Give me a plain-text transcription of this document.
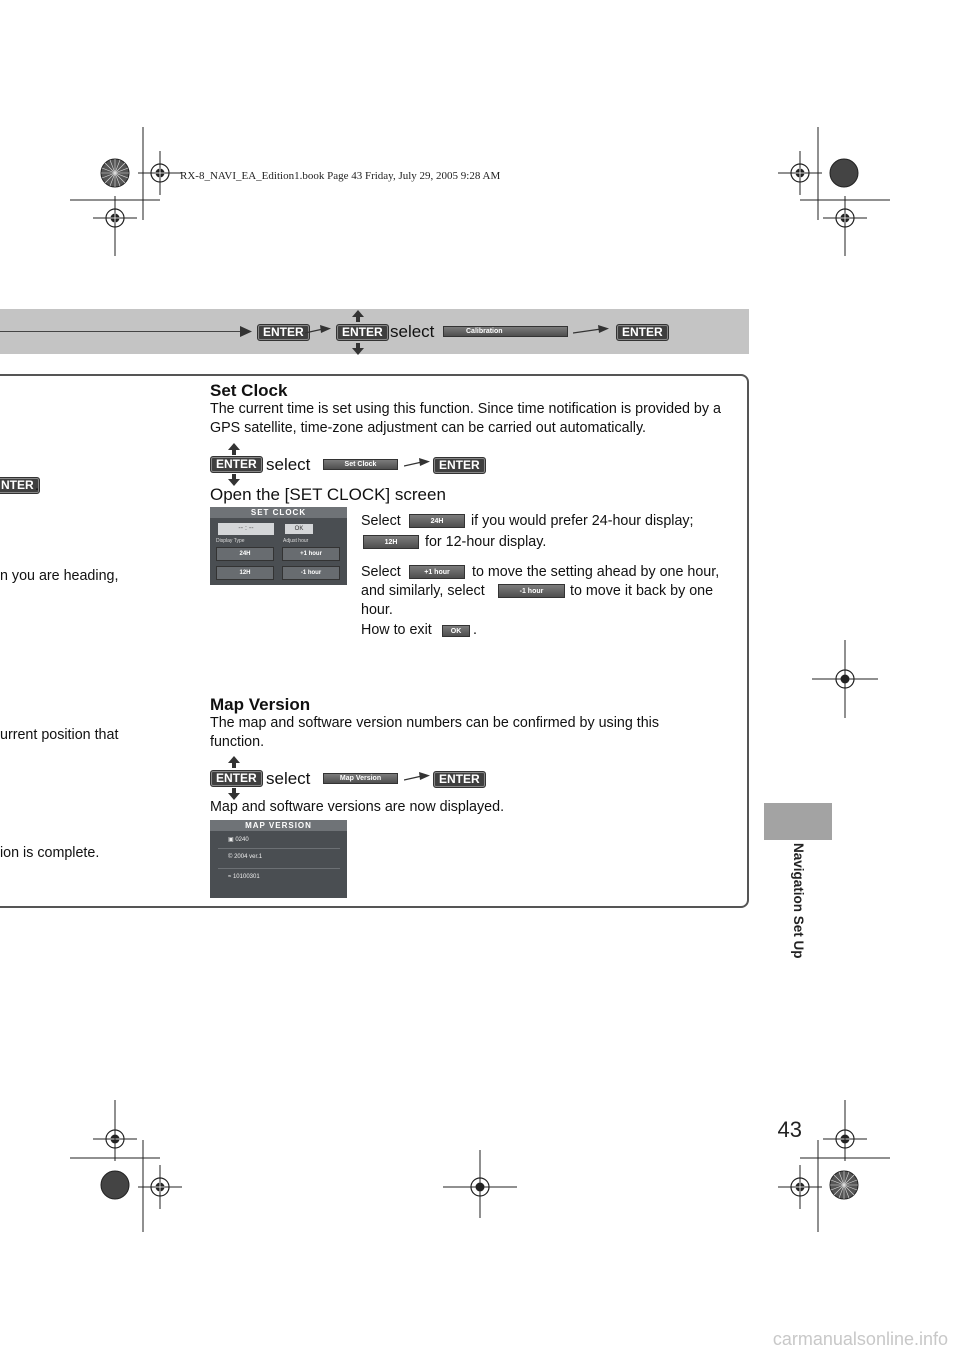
RX-8_NAVI_EA_Edition1.book Page 43 Friday, July 29, 2005 9:28 AM
ENTER	ENTER select	Calibration	ENTER
NTER .
n you are heading,
urrent position that
ion is complete.
Set Clock

The current time is set using this function. Since time notification is provided by a GPS satellite, time-zone adjustment can be carried out automatically.

ENTER select	Set Clock	ENTER
Open the [SET CLOCK] screen
SET CLOCK
-- : --	OK
Display Type	Adjust hour
24H	+1 hour
12H	-1 hour
Select	24H if you would prefer 24-hour display;
12H for 12-hour display.
Select	+1 hour to move the setting ahead by one hour,
and similarly, select	-1 hour to move it back by one
hour.
How to exit	OK .
Map Version

The map and software version numbers can be confirmed by using this function.

ENTER select	Map Version	ENTER
Map and software versions are now displayed.
MAP VERSION
▣ 0240
© 2004 ver.1
≈ 10100301	Navigation Set Up
43
carmanualsonline.info
